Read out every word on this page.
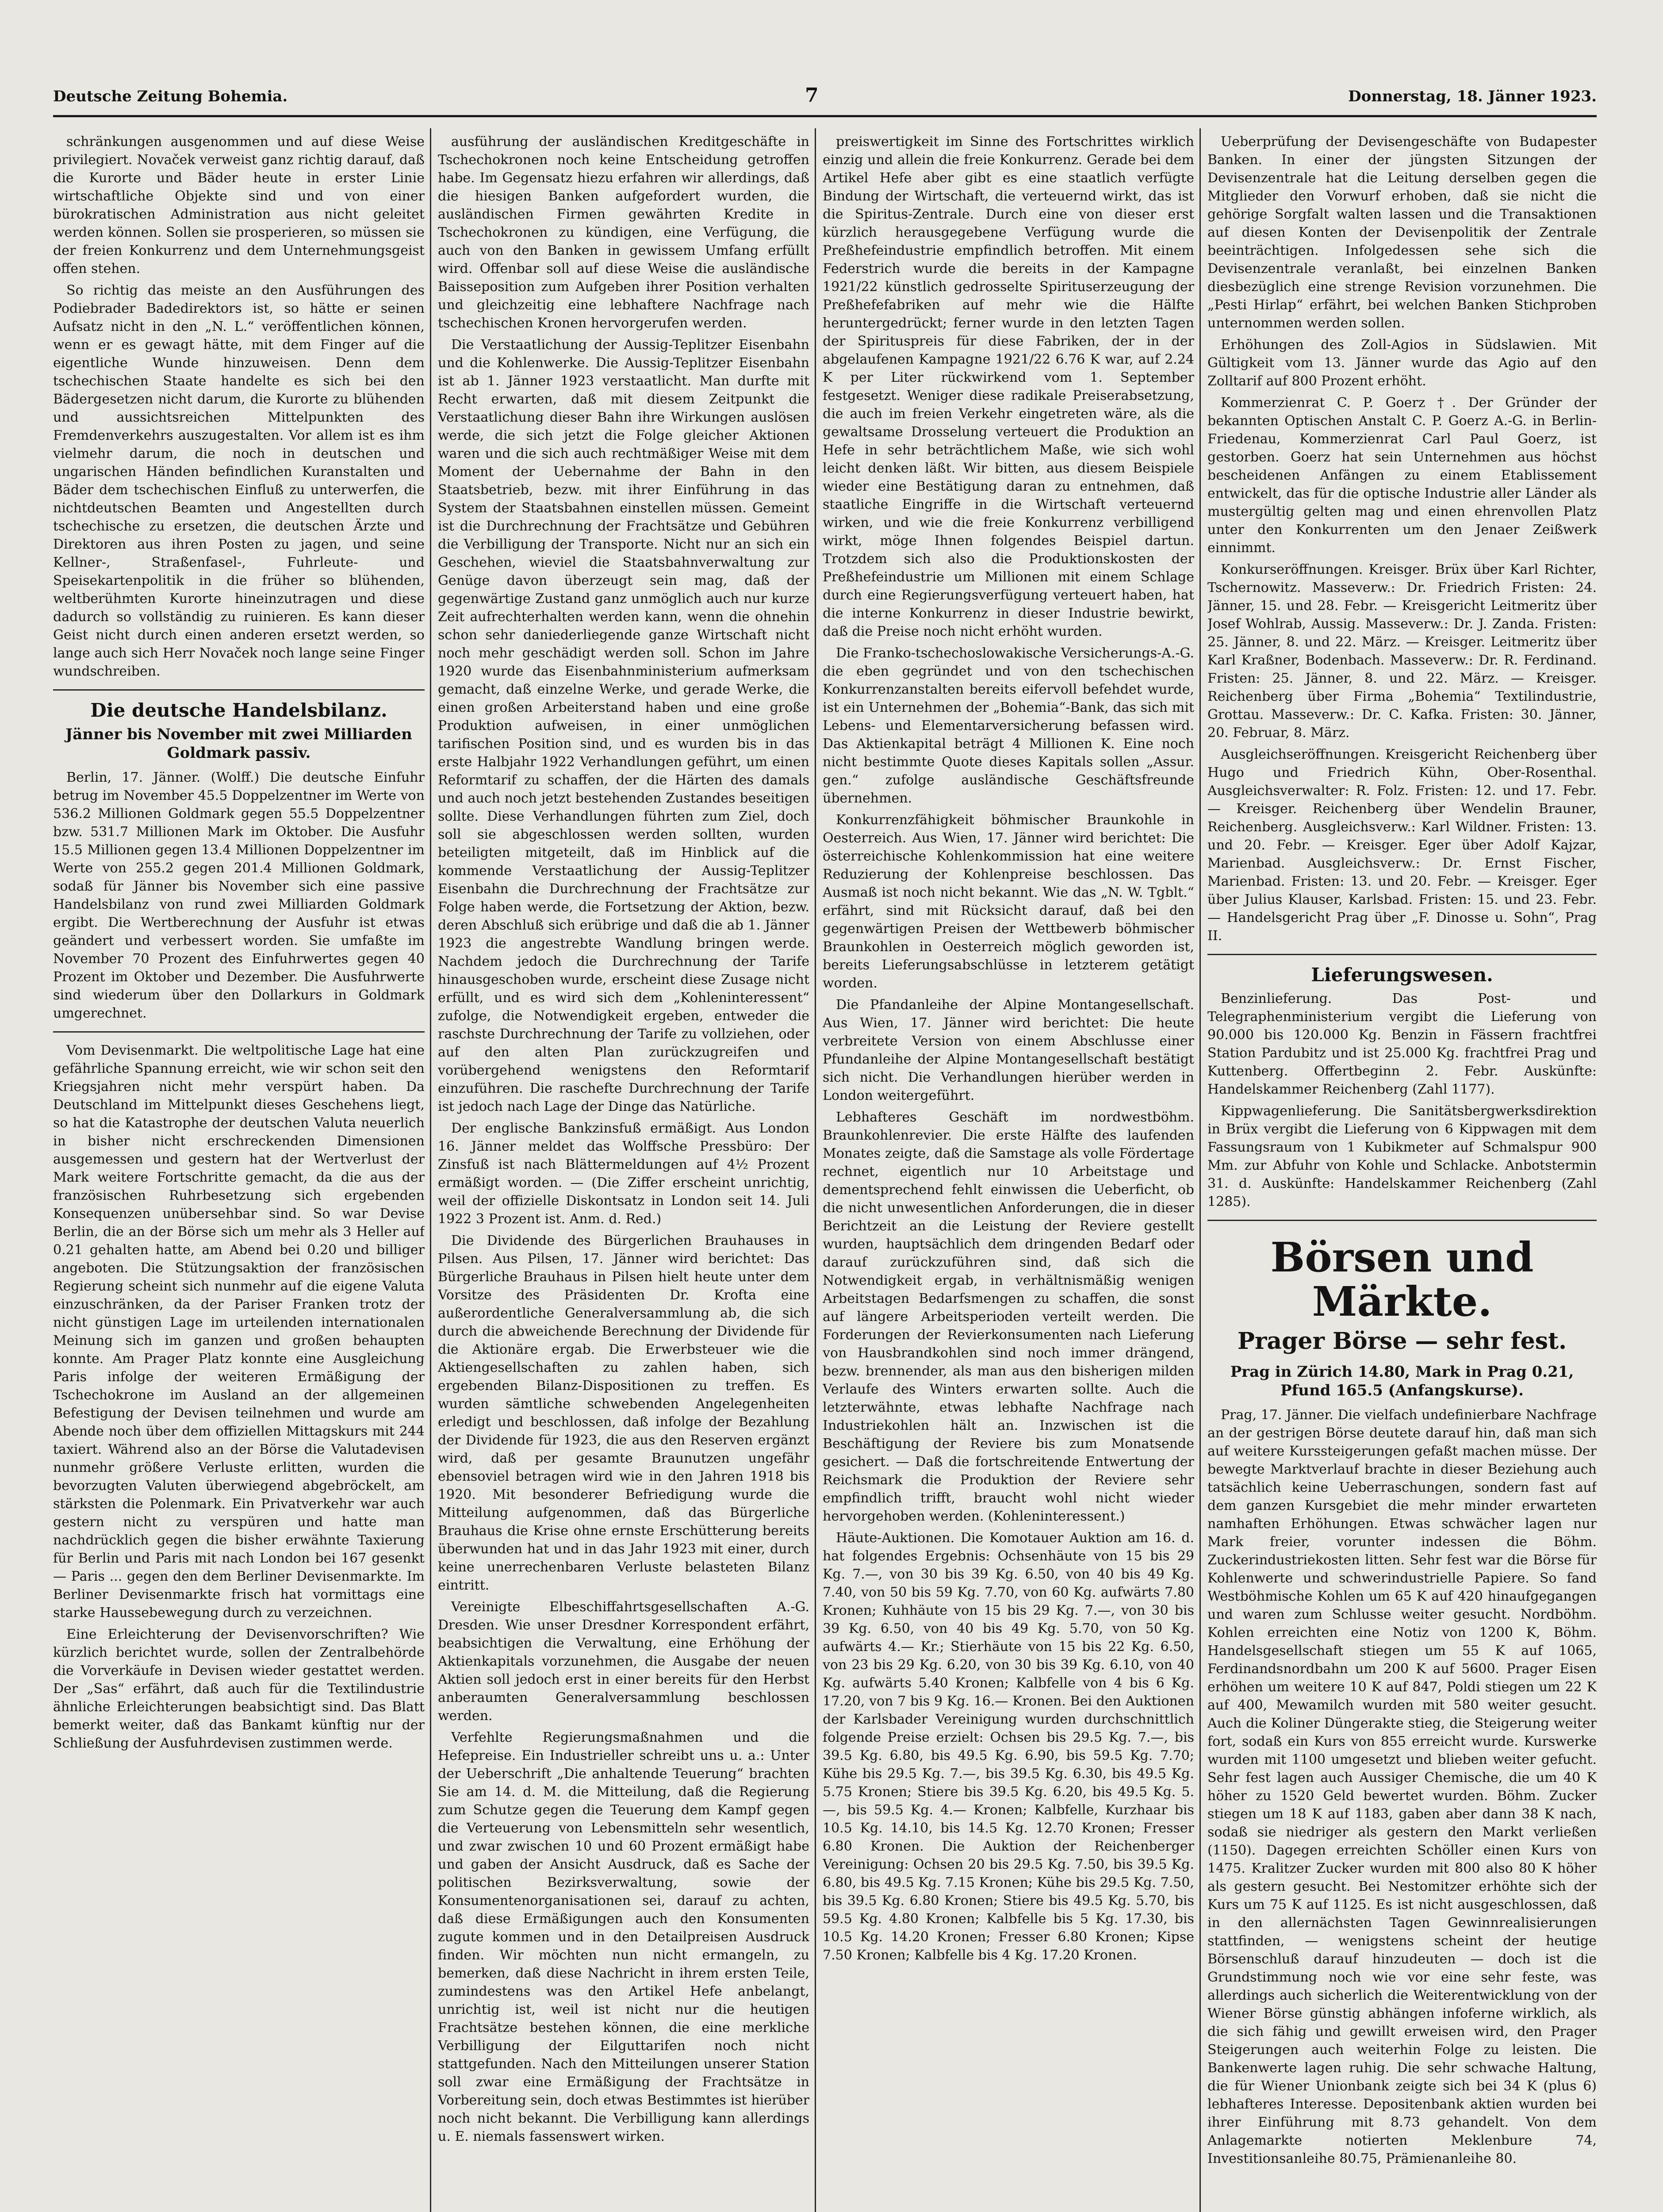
Deutsche Zeitung Bohemia.	7	Donnerstag, 18. Jänner 1923.

schränkungen ausgenommen und auf diese Weise privilegiert. Novaček verweist ganz richtig darauf, daß die Kurorte und Bäder heute in erster Linie wirtschaftliche Objekte sind und von einer bürokratischen Administration aus nicht geleitet werden können. Sollen sie prosperieren, so müssen sie der freien Konkurrenz und dem Unternehmungsgeist offen stehen.

So richtig das meiste an den Ausführungen des Podiebrader Badedirektors ist, so hätte er seinen Aufsatz nicht in den „N. L.“ veröffentlichen können, wenn er es gewagt hätte, mit dem Finger auf die eigentliche Wunde hinzuweisen. Denn dem tschechischen Staate handelte es sich bei den Bädergesetzen nicht darum, die Kurorte zu blühenden und aussichtsreichen Mittelpunkten des Fremdenverkehrs auszugestalten. Vor allem ist es ihm vielmehr darum, die noch in deutschen und ungarischen Händen befindlichen Kuranstalten und Bäder dem tschechischen Einfluß zu unterwerfen, die nichtdeutschen Beamten und Angestellten durch tschechische zu ersetzen, die deutschen Ärzte und Direktoren aus ihren Posten zu jagen, und seine Kellner-, Straßenfasel-, Fuhrleute- und Speisekartenpolitik in die früher so blühenden, weltberühmten Kurorte hineinzutragen und diese dadurch so vollständig zu ruinieren. Es kann dieser Geist nicht durch einen anderen ersetzt werden, so lange auch sich Herr Novaček noch lange seine Finger wundschreiben.

Die deutsche Handelsbilanz.
Jänner bis November mit zwei Milliarden Goldmark passiv.

Berlin, 17. Jänner. (Wolff.) Die deutsche Einfuhr betrug im November 45.5 Doppelzentner im Werte von 536.2 Millionen Goldmark gegen 55.5 Doppelzentner bzw. 531.7 Millionen Mark im Oktober. Die Ausfuhr 15.5 Millionen gegen 13.4 Millionen Doppelzentner im Werte von 255.2 gegen 201.4 Millionen Goldmark, sodaß für Jänner bis November sich eine passive Handelsbilanz von rund zwei Milliarden Goldmark ergibt. Die Wertberechnung der Ausfuhr ist etwas geändert und verbessert worden. Sie umfaßte im November 70 Prozent des Einfuhrwertes gegen 40 Prozent im Oktober und Dezember. Die Ausfuhrwerte sind wiederum über den Dollarkurs in Goldmark umgerechnet.

Vom Devisenmarkt. Die weltpolitische Lage hat eine gefährliche Spannung erreicht, wie wir schon seit den Kriegsjahren nicht mehr verspürt haben. Da Deutschland im Mittelpunkt dieses Geschehens liegt, so hat die Katastrophe der deutschen Valuta neuerlich in bisher nicht erschreckenden Dimensionen ausgemessen und gestern hat der Wertverlust der Mark weitere Fortschritte gemacht, da die aus der französischen Ruhrbesetzung sich ergebenden Konsequenzen unübersehbar sind. So war Devise Berlin, die an der Börse sich um mehr als 3 Heller auf 0.21 gehalten hatte, am Abend bei 0.20 und billiger angeboten. Die Stützungsaktion der französischen Regierung scheint sich nunmehr auf die eigene Valuta einzuschränken, da der Pariser Franken trotz der nicht günstigen Lage im urteilenden internationalen Meinung sich im ganzen und großen behaupten konnte. Am Prager Platz konnte eine Ausgleichung Paris infolge der weiteren Ermäßigung der Tschechokrone im Ausland an der allgemeinen Befestigung der Devisen teilnehmen und wurde am Abende noch über dem offiziellen Mittagskurs mit 244 taxiert. Während also an der Börse die Valutadevisen nunmehr größere Verluste erlitten, wurden die bevorzugten Valuten überwiegend abgebröckelt, am stärksten die Polenmark. Ein Privatverkehr war auch gestern nicht zu verspüren und hatte man nachdrücklich gegen die bisher erwähnte Taxierung für Berlin und Paris mit nach London bei 167 gesenkt — Paris ... gegen den dem Berliner Devisenmarkte. Im Berliner Devisenmarkte frisch hat vormittags eine starke Haussebewegung durch zu verzeichnen.

Eine Erleichterung der Devisenvorschriften? Wie kürzlich berichtet wurde, sollen der Zentralbehörde die Vorverkäufe in Devisen wieder gestattet werden. Der „Sas“ erfährt, daß auch für die Textilindustrie ähnliche Erleichterungen beabsichtigt sind. Das Blatt bemerkt weiter, daß das Bankamt künftig nur der Schließung der Ausfuhrdevisen zustimmen werde.

ausführung der ausländischen Kreditgeschäfte in Tschechokronen noch keine Entscheidung getroffen habe. Im Gegensatz hiezu erfahren wir allerdings, daß die hiesigen Banken aufgefordert wurden, die ausländischen Firmen gewährten Kredite in Tschechokronen zu kündigen, eine Verfügung, die auch von den Banken in gewissem Umfang erfüllt wird. Offenbar soll auf diese Weise die ausländische Baisseposition zum Aufgeben ihrer Position verhalten und gleichzeitig eine lebhaftere Nachfrage nach tschechischen Kronen hervorgerufen werden.

Die Verstaatlichung der Aussig-Teplitzer Eisenbahn und die Kohlenwerke. Die Aussig-Teplitzer Eisenbahn ist ab 1. Jänner 1923 verstaatlicht. Man durfte mit Recht erwarten, daß mit diesem Zeitpunkt die Verstaatlichung dieser Bahn ihre Wirkungen auslösen werde, die sich jetzt die Folge gleicher Aktionen waren und die sich auch rechtmäßiger Weise mit dem Moment der Uebernahme der Bahn in den Staatsbetrieb, bezw. mit ihrer Einführung in das System der Staatsbahnen einstellen müssen. Gemeint ist die Durchrechnung der Frachtsätze und Gebühren die Verbilligung der Transporte. Nicht nur an sich ein Geschehen, wieviel die Staatsbahnverwaltung zur Genüge davon überzeugt sein mag, daß der gegenwärtige Zustand ganz unmöglich auch nur kurze Zeit aufrechterhalten werden kann, wenn die ohnehin schon sehr daniederliegende ganze Wirtschaft nicht noch mehr geschädigt werden soll. Schon im Jahre 1920 wurde das Eisenbahnministerium aufmerksam gemacht, daß einzelne Werke, und gerade Werke, die einen großen Arbeiterstand haben und eine große Produktion aufweisen, in einer unmöglichen tarifischen Position sind, und es wurden bis in das erste Halbjahr 1922 Verhandlungen geführt, um einen Reformtarif zu schaffen, der die Härten des damals und auch noch jetzt bestehenden Zustandes beseitigen sollte. Diese Verhandlungen führten zum Ziel, doch soll sie abgeschlossen werden sollten, wurden beteiligten mitgeteilt, daß im Hinblick auf die kommende Verstaatlichung der Aussig-Teplitzer Eisenbahn die Durchrechnung der Frachtsätze zur Folge haben werde, die Fortsetzung der Aktion, bezw. deren Abschluß sich erübrige und daß die ab 1. Jänner 1923 die angestrebte Wandlung bringen werde. Nachdem jedoch die Durchrechnung der Tarife hinausgeschoben wurde, erscheint diese Zusage nicht erfüllt, und es wird sich dem „Kohleninteressent“ zufolge, die Notwendigkeit ergeben, entweder die raschste Durchrechnung der Tarife zu vollziehen, oder auf den alten Plan zurückzugreifen und vorübergehend wenigstens den Reformtarif einzuführen. Die raschefte Durchrechnung der Tarife ist jedoch nach Lage der Dinge das Natürliche.

Der englische Bankzinsfuß ermäßigt. Aus London 16. Jänner meldet das Wolffsche Pressbüro: Der Zinsfuß ist nach Blättermeldungen auf 4½ Prozent ermäßigt worden. — (Die Ziffer erscheint unrichtig, weil der offizielle Diskontsatz in London seit 14. Juli 1922 3 Prozent ist. Anm. d. Red.)

Die Dividende des Bürgerlichen Brauhauses in Pilsen. Aus Pilsen, 17. Jänner wird berichtet: Das Bürgerliche Brauhaus in Pilsen hielt heute unter dem Vorsitze des Präsidenten Dr. Krofta eine außerordentliche Generalversammlung ab, die sich durch die abweichende Berechnung der Dividende für die Aktionäre ergab. Die Erwerbsteuer wie die Aktiengesellschaften zu zahlen haben, sich ergebenden Bilanz-Dispositionen zu treffen. Es wurden sämtliche schwebenden Angelegenheiten erledigt und beschlossen, daß infolge der Bezahlung der Dividende für 1923, die aus den Reserven ergänzt wird, daß per gesamte Braunutzen ungefähr ebensoviel betragen wird wie in den Jahren 1918 bis 1920. Mit besonderer Befriedigung wurde die Mitteilung aufgenommen, daß das Bürgerliche Brauhaus die Krise ohne ernste Erschütterung bereits überwunden hat und in das Jahr 1923 mit einer, durch keine unerrechenbaren Verluste belasteten Bilanz eintritt.

Vereinigte Elbeschiffahrtsgesellschaften A.-G. Dresden. Wie unser Dresdner Korrespondent erfährt, beabsichtigen die Verwaltung, eine Erhöhung der Aktienkapitals vorzunehmen, die Ausgabe der neuen Aktien soll jedoch erst in einer bereits für den Herbst anberaumten Generalversammlung beschlossen werden.

Verfehlte Regierungsmaßnahmen und die Hefepreise. Ein Industrieller schreibt uns u. a.: Unter der Ueberschrift „Die anhaltende Teuerung“ brachten Sie am 14. d. M. die Mitteilung, daß die Regierung zum Schutze gegen die Teuerung dem Kampf gegen die Verteuerung von Lebensmitteln sehr wesentlich, und zwar zwischen 10 und 60 Prozent ermäßigt habe und gaben der Ansicht Ausdruck, daß es Sache der politischen Bezirksverwaltung, sowie der Konsumentenorganisationen sei, darauf zu achten, daß diese Ermäßigungen auch den Konsumenten zugute kommen und in den Detailpreisen Ausdruck finden. Wir möchten nun nicht ermangeln, zu bemerken, daß diese Nachricht in ihrem ersten Teile, zumindestens was den Artikel Hefe anbelangt, unrichtig ist, weil ist nicht nur die heutigen Frachtsätze bestehen können, die eine merkliche Verbilligung der Eilguttarifen noch nicht stattgefunden. Nach den Mitteilungen unserer Station soll zwar eine Ermäßigung der Frachtsätze in Vorbereitung sein, doch etwas Bestimmtes ist hierüber noch nicht bekannt. Die Verbilligung kann allerdings u. E. niemals fassenswert wirken.

preiswertigkeit im Sinne des Fortschrittes wirklich einzig und allein die freie Konkurrenz. Gerade bei dem Artikel Hefe aber gibt es eine staatlich verfügte Bindung der Wirtschaft, die verteuernd wirkt, das ist die Spiritus-Zentrale. Durch eine von dieser erst kürzlich herausgegebene Verfügung wurde die Preßhefeindustrie empfindlich betroffen. Mit einem Federstrich wurde die bereits in der Kampagne 1921/22 künstlich gedrosselte Spirituserzeugung der Preßhefefabriken auf mehr wie die Hälfte heruntergedrückt; ferner wurde in den letzten Tagen der Spirituspreis für diese Fabriken, der in der abgelaufenen Kampagne 1921/22 6.76 K war, auf 2.24 K per Liter rückwirkend vom 1. September festgesetzt. Weniger diese radikale Preiserabsetzung, die auch im freien Verkehr eingetreten wäre, als die gewaltsame Drosselung verteuert die Produktion an Hefe in sehr beträchtlichem Maße, wie sich wohl leicht denken läßt. Wir bitten, aus diesem Beispiele wieder eine Bestätigung daran zu entnehmen, daß staatliche Eingriffe in die Wirtschaft verteuernd wirken, und wie die freie Konkurrenz verbilligend wirkt, möge Ihnen folgendes Beispiel dartun. Trotzdem sich also die Produktionskosten der Preßhefeindustrie um Millionen mit einem Schlage durch eine Regierungsverfügung verteuert haben, hat die interne Konkurrenz in dieser Industrie bewirkt, daß die Preise noch nicht erhöht wurden.

Die Franko-tschechoslowakische Versicherungs-A.-G. die eben gegründet und von den tschechischen Konkurrenzanstalten bereits eifervoll befehdet wurde, ist ein Unternehmen der „Bohemia“-Bank, das sich mit Lebens- und Elementarversicherung befassen wird. Das Aktienkapital beträgt 4 Millionen K. Eine noch nicht bestimmte Quote dieses Kapitals sollen „Assur. gen.“ zufolge ausländische Geschäftsfreunde übernehmen.

Konkurrenzfähigkeit böhmischer Braunkohle in Oesterreich. Aus Wien, 17. Jänner wird berichtet: Die österreichische Kohlenkommission hat eine weitere Reduzierung der Kohlenpreise beschlossen. Das Ausmaß ist noch nicht bekannt. Wie das „N. W. Tgblt.“ erfährt, sind mit Rücksicht darauf, daß bei den gegenwärtigen Preisen der Wettbewerb böhmischer Braunkohlen in Oesterreich möglich geworden ist, bereits Lieferungsabschlüsse in letzterem getätigt worden.

Die Pfandanleihe der Alpine Montangesellschaft. Aus Wien, 17. Jänner wird berichtet: Die heute verbreitete Version von einem Abschlusse einer Pfundanleihe der Alpine Montangesellschaft bestätigt sich nicht. Die Verhandlungen hierüber werden in London weitergeführt.

Lebhafteres Geschäft im nordwestböhm. Braunkohlenrevier. Die erste Hälfte des laufenden Monates zeigte, daß die Samstage als volle Fördertage rechnet, eigentlich nur 10 Arbeitstage und dementsprechend fehlt einwissen die Ueberficht, ob die nicht unwesentlichen Anforderungen, die in dieser Berichtzeit an die Leistung der Reviere gestellt wurden, hauptsächlich dem dringenden Bedarf oder darauf zurückzuführen sind, daß sich die Notwendigkeit ergab, in verhältnismäßig wenigen Arbeitstagen Bedarfsmengen zu schaffen, die sonst auf längere Arbeitsperioden verteilt werden. Die Forderungen der Revierkonsumenten nach Lieferung von Hausbrandkohlen sind noch immer drängend, bezw. brennender, als man aus den bisherigen milden Verlaufe des Winters erwarten sollte. Auch die letzterwähnte, etwas lebhafte Nachfrage nach Industriekohlen hält an. Inzwischen ist die Beschäftigung der Reviere bis zum Monatsende gesichert. — Daß die fortschreitende Entwertung der Reichsmark die Produktion der Reviere sehr empfindlich trifft, braucht wohl nicht wieder hervorgehoben werden. (Kohleninteressent.)

Häute-Auktionen. Die Komotauer Auktion am 16. d. hat folgendes Ergebnis: Ochsenhäute von 15 bis 29 Kg. 7.—, von 30 bis 39 Kg. 6.50, von 40 bis 49 Kg. 7.40, von 50 bis 59 Kg. 7.70, von 60 Kg. aufwärts 7.80 Kronen; Kuhhäute von 15 bis 29 Kg. 7.—, von 30 bis 39 Kg. 6.50, von 40 bis 49 Kg. 5.70, von 50 Kg. aufwärts 4.— Kr.; Stierhäute von 15 bis 22 Kg. 6.50, von 23 bis 29 Kg. 6.20, von 30 bis 39 Kg. 6.10, von 40 Kg. aufwärts 5.40 Kronen; Kalbfelle von 4 bis 6 Kg. 17.20, von 7 bis 9 Kg. 16.— Kronen. Bei den Auktionen der Karlsbader Vereinigung wurden durchschnittlich folgende Preise erzielt: Ochsen bis 29.5 Kg. 7.—, bis 39.5 Kg. 6.80, bis 49.5 Kg. 6.90, bis 59.5 Kg. 7.70; Kühe bis 29.5 Kg. 7.—, bis 39.5 Kg. 6.30, bis 49.5 Kg. 5.75 Kronen; Stiere bis 39.5 Kg. 6.20, bis 49.5 Kg. 5.—, bis 59.5 Kg. 4.— Kronen; Kalbfelle, Kurzhaar bis 10.5 Kg. 14.10, bis 14.5 Kg. 12.70 Kronen; Fresser 6.80 Kronen. Die Auktion der Reichenberger Vereinigung: Ochsen 20 bis 29.5 Kg. 7.50, bis 39.5 Kg. 6.80, bis 49.5 Kg. 7.15 Kronen; Kühe bis 29.5 Kg. 7.50, bis 39.5 Kg. 6.80 Kronen; Stiere bis 49.5 Kg. 5.70, bis 59.5 Kg. 4.80 Kronen; Kalbfelle bis 5 Kg. 17.30, bis 10.5 Kg. 14.20 Kronen; Fresser 6.80 Kronen; Kipse 7.50 Kronen; Kalbfelle bis 4 Kg. 17.20 Kronen.

Ueberprüfung der Devisengeschäfte von Budapester Banken. In einer der jüngsten Sitzungen der Devisenzentrale hat die Leitung derselben gegen die Mitglieder den Vorwurf erhoben, daß sie nicht die gehörige Sorgfalt walten lassen und die Transaktionen auf diesen Konten der Devisenpolitik der Zentrale beeinträchtigen. Infolgedessen sehe sich die Devisenzentrale veranlaßt, bei einzelnen Banken diesbezüglich eine strenge Revision vorzunehmen. Die „Pesti Hirlap“ erfährt, bei welchen Banken Stichproben unternommen werden sollen.

Erhöhungen des Zoll-Agios in Südslawien. Mit Gültigkeit vom 13. Jänner wurde das Agio auf den Zolltarif auf 800 Prozent erhöht.

Kommerzienrat C. P. Goerz †. Der Gründer der bekannten Optischen Anstalt C. P. Goerz A.-G. in Berlin-Friedenau, Kommerzienrat Carl Paul Goerz, ist gestorben. Goerz hat sein Unternehmen aus höchst bescheidenen Anfängen zu einem Etablissement entwickelt, das für die optische Industrie aller Länder als mustergültig gelten mag und einen ehrenvollen Platz unter den Konkurrenten um den Jenaer Zeißwerk einnimmt.

Konkurseröffnungen. Kreisger. Brüx über Karl Richter, Tschernowitz. Masseverw.: Dr. Friedrich Fristen: 24. Jänner, 15. und 28. Febr. — Kreisgericht Leitmeritz über Josef Wohlrab, Aussig. Masseverw.: Dr. J. Zanda. Fristen: 25. Jänner, 8. und 22. März. — Kreisger. Leitmeritz über Karl Kraßner, Bodenbach. Masseverw.: Dr. R. Ferdinand. Fristen: 25. Jänner, 8. und 22. März. — Kreisger. Reichenberg über Firma „Bohemia“ Textilindustrie, Grottau. Masseverw.: Dr. C. Kafka. Fristen: 30. Jänner, 20. Februar, 8. März.

Ausgleichseröffnungen. Kreisgericht Reichenberg über Hugo und Friedrich Kühn, Ober-Rosenthal. Ausgleichsverwalter: R. Folz. Fristen: 12. und 17. Febr. — Kreisger. Reichenberg über Wendelin Brauner, Reichenberg. Ausgleichsverw.: Karl Wildner. Fristen: 13. und 20. Febr. — Kreisger. Eger über Adolf Kajzar, Marienbad. Ausgleichsverw.: Dr. Ernst Fischer, Marienbad. Fristen: 13. und 20. Febr. — Kreisger. Eger über Julius Klauser, Karlsbad. Fristen: 15. und 23. Febr. — Handelsgericht Prag über „F. Dinosse u. Sohn“, Prag II.

Lieferungswesen.

Benzinlieferung. Das Post- und Telegraphenministerium vergibt die Lieferung von 90.000 bis 120.000 Kg. Benzin in Fässern frachtfrei Station Pardubitz und ist 25.000 Kg. frachtfrei Prag und Kuttenberg. Offertbeginn 2. Febr. Auskünfte: Handelskammer Reichenberg (Zahl 1177).

Kippwagenlieferung. Die Sanitätsbergwerksdirektion in Brüx vergibt die Lieferung von 6 Kippwagen mit dem Fassungsraum von 1 Kubikmeter auf Schmalspur 900 Mm. zur Abfuhr von Kohle und Schlacke. Anbotstermin 31. d. Auskünfte: Handelskammer Reichenberg (Zahl 1285).

Börsen und Märkte.
Prager Börse — sehr fest.
Prag in Zürich 14.80, Mark in Prag 0.21, Pfund 165.5 (Anfangskurse).

Prag, 17. Jänner. Die vielfach undefinierbare Nachfrage an der gestrigen Börse deutete darauf hin, daß man sich auf weitere Kurssteigerungen gefaßt machen müsse. Der bewegte Marktverlauf brachte in dieser Beziehung auch tatsächlich keine Ueberraschungen, sondern fast auf dem ganzen Kursgebiet die mehr minder erwarteten namhaften Erhöhungen. Etwas schwächer lagen nur Mark freier, vorunter indessen die Böhm. Zuckerindustriekosten litten. Sehr fest war die Börse für Kohlenwerte und schwerindustrielle Papiere. So fand Westböhmische Kohlen um 65 K auf 420 hinaufgegangen und waren zum Schlusse weiter gesucht. Nordböhm. Kohlen erreichten eine Notiz von 1200 K, Böhm. Handelsgesellschaft stiegen um 55 K auf 1065, Ferdinandsnordbahn um 200 K auf 5600. Prager Eisen erhöhen um weitere 10 K auf 847, Poldi stiegen um 22 K auf 400, Mewamilch wurden mit 580 weiter gesucht. Auch die Koliner Düngerakte stieg, die Steigerung weiter fort, sodaß ein Kurs von 855 erreicht wurde. Kurswerke wurden mit 1100 umgesetzt und blieben weiter gefucht. Sehr fest lagen auch Aussiger Chemische, die um 40 K höher zu 1520 Geld bewertet wurden. Böhm. Zucker stiegen um 18 K auf 1183, gaben aber dann 38 K nach, sodaß sie niedriger als gestern den Markt verließen (1150). Dagegen erreichten Schöller einen Kurs von 1475. Kralitzer Zucker wurden mit 800 also 80 K höher als gestern gesucht. Bei Nestomitzer erhöhte sich der Kurs um 75 K auf 1125. Es ist nicht ausgeschlossen, daß in den allernächsten Tagen Gewinnrealisierungen stattfinden, — wenigstens scheint der heutige Börsenschluß darauf hinzudeuten — doch ist die Grundstimmung noch wie vor eine sehr feste, was allerdings auch sicherlich die Weiterentwicklung von der Wiener Börse günstig abhängen infoferne wirklich, als die sich fähig und gewillt erweisen wird, den Prager Steigerungen auch weiterhin Folge zu leisten. Die Bankenwerte lagen ruhig. Die sehr schwache Haltung, die für Wiener Unionbank zeigte sich bei 34 K (plus 6) lebhafteres Interesse. Depositenbank aktien wurden bei ihrer Einführung mit 8.73 gehandelt. Von dem Anlagemarkte notierten Meklenbure 74, Investitionsanleihe 80.75, Prämienanleihe 80.
